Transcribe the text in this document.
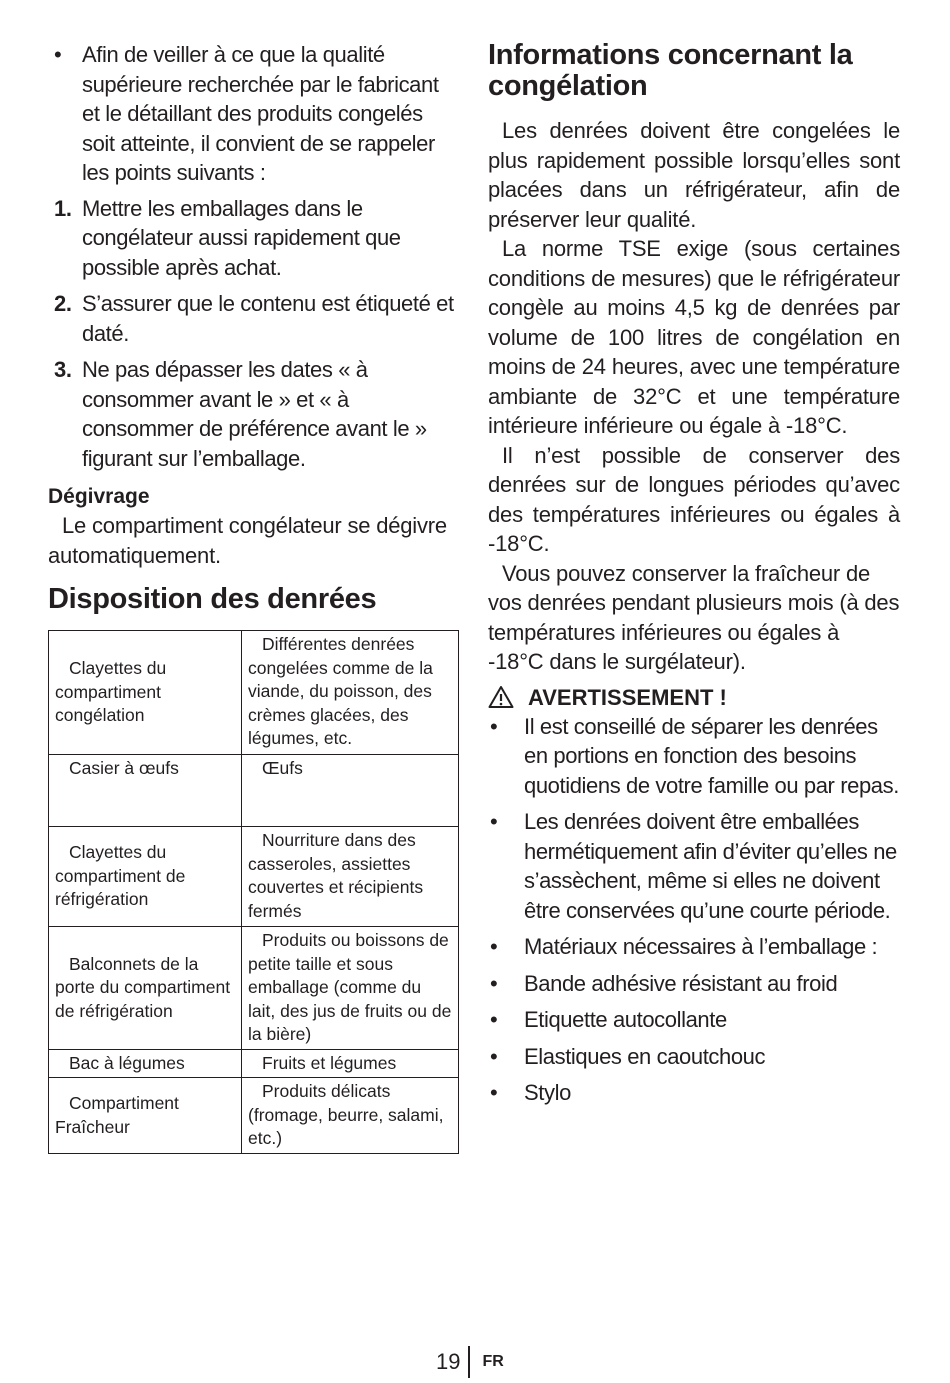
• Afin de veiller à ce que la qualité supérieure recherchée par le fabricant et le détaillant des produits congelés soit atteinte, il convient de se rappeler les points suivants :
1. Mettre les emballages dans le congélateur aussi rapidement que possible après achat.
2. S’assurer que le contenu est étiqueté et daté.
3. Ne pas dépasser les dates « à consommer avant le » et « à consommer de préférence avant le » figurant sur l’emballage.
Dégivrage

Le compartiment congélateur se dégivre automatiquement.

Disposition des denrées
Clayettes du compartiment congélation	Différentes denrées congelées comme de la viande, du poisson, des crèmes glacées, des légumes, etc.
Casier à œufs	Œufs
Clayettes du compartiment de réfrigération	Nourriture dans des casseroles, assiettes couvertes et récipients fermés
Balconnets de la porte du compartiment de réfrigération	Produits ou boissons de petite taille et sous emballage (comme du lait, des jus de fruits ou de la bière)
Bac à légumes	Fruits et légumes
Compartiment Fraîcheur	Produits délicats (fromage, beurre, salami, etc.)
Informations concernant la congélation

Les denrées doivent être congelées le plus rapidement possible lorsqu’elles sont placées dans un réfrigérateur, afin de préserver leur qualité.

La norme TSE exige (sous certaines conditions de mesures) que le réfrigérateur congèle au moins 4,5 kg de denrées par volume de 100 litres de congélation en moins de 24 heures, avec une température ambiante de 32°C et une température intérieure inférieure ou égale à -18°C.

Il n’est possible de conserver des denrées sur de longues périodes qu’avec des températures inférieures ou égales à -18°C.

Vous pouvez conserver la fraîcheur de vos denrées pendant plusieurs mois (à des températures inférieures ou égales à -18°C dans le surgélateur).

AVERTISSEMENT !
• Il est conseillé de séparer les denrées en portions en fonction des besoins quotidiens de votre famille ou par repas.
• Les denrées doivent être emballées hermétiquement afin d’éviter qu’elles ne s’assèchent, même si elles ne doivent être conservées qu’une courte période.
• Matériaux nécessaires à l’emballage :
• Bande adhésive résistant au froid
• Etiquette autocollante
• Elastiques en caoutchouc
• Stylo
19 FR
